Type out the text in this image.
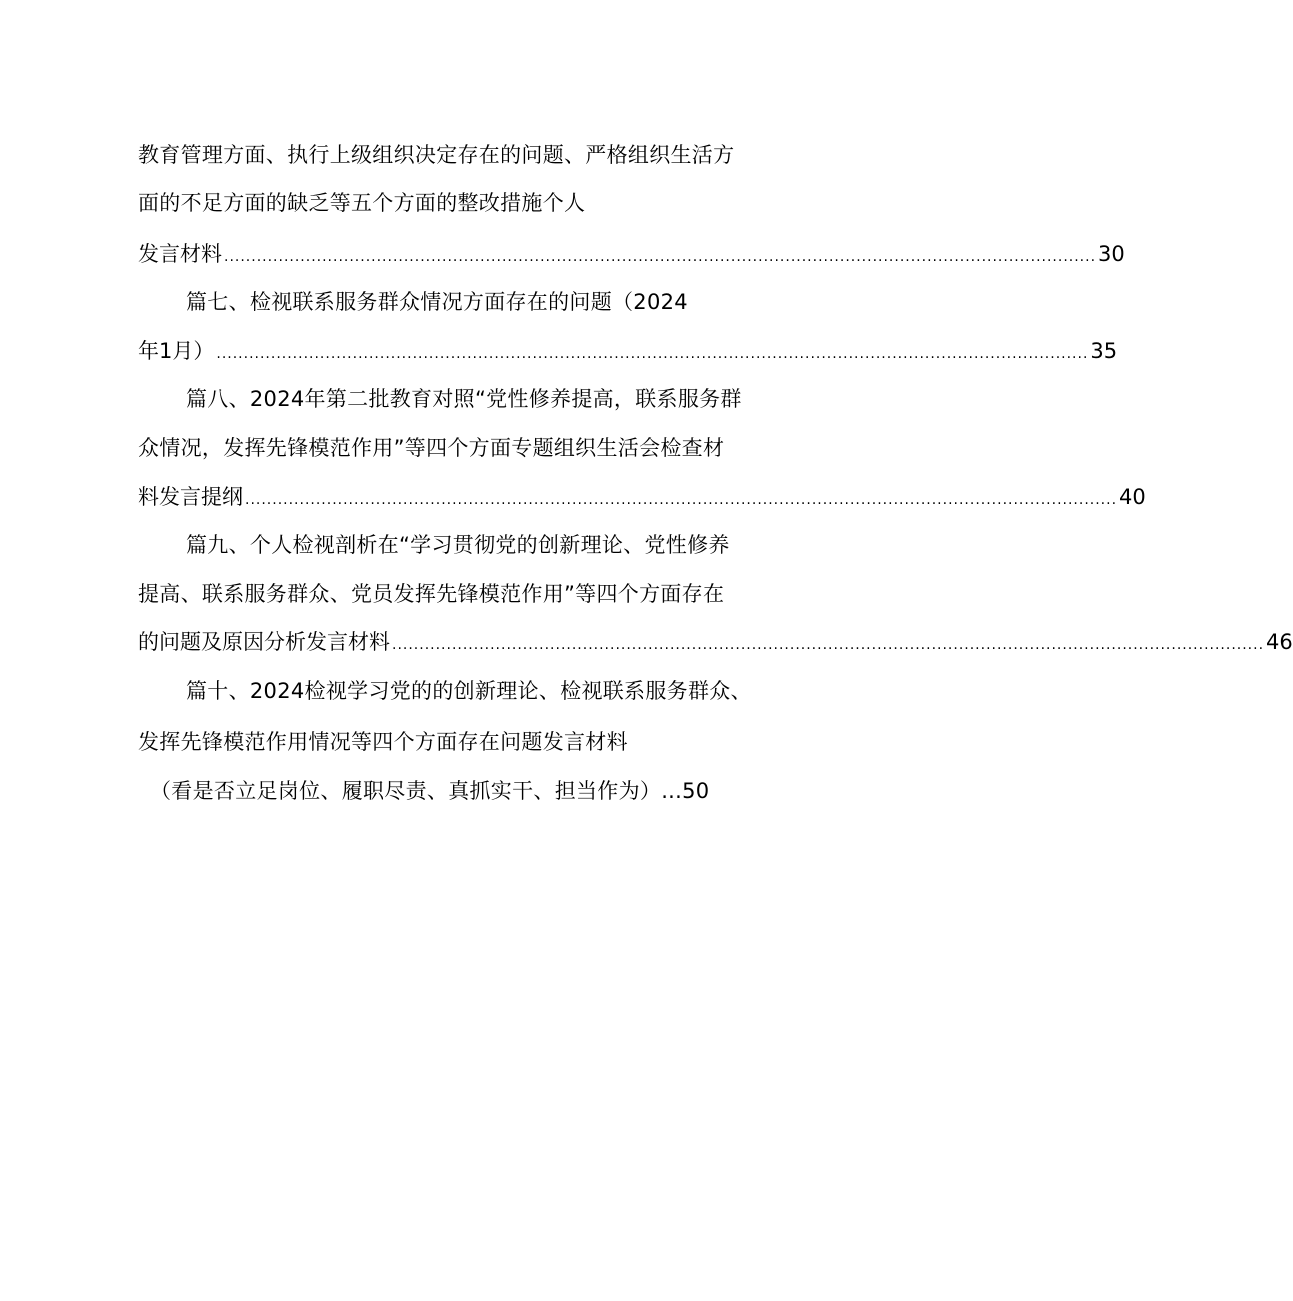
教育管理方面、执行上级组织决定存在的问题、严格组织生活方
面的不足方面的缺乏等五个方面的整改措施个人
发言材料 ................................................................................................................................................................ 30
篇七、检视联系服务群众情况方面存在的问题（2024
年1月） ................................................................................................................................................................ 35
篇八、2024年第二批教育对照“党性修养提高，联系服务群
众情况，发挥先锋模范作用”等四个方面专题组织生活会检查材
料发言提纲 ................................................................................................................................................................ 40
篇九、个人检视剖析在“学习贯彻党的创新理论、党性修养
提高、联系服务群众、党员发挥先锋模范作用”等四个方面存在
的问题及原因分析发言材料 ................................................................................................................................................................ 46
篇十、2024检视学习党的的创新理论、检视联系服务群众、
发挥先锋模范作用情况等四个方面存在问题发言材料
（看是否立足岗位、履职尽责、真抓实干、担当作为）...50
